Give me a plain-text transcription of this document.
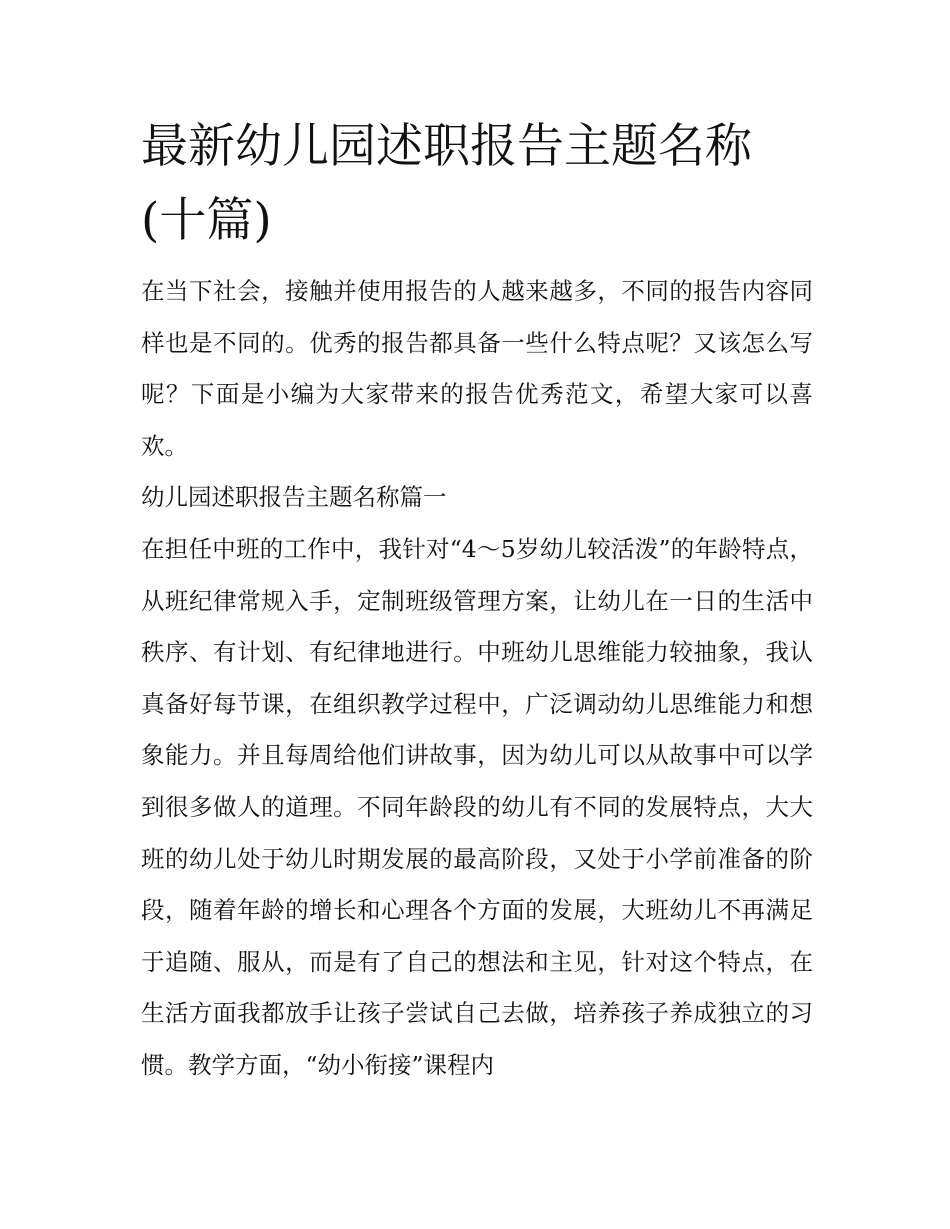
最新幼儿园述职报告主题名称(十篇)

在当下社会，接触并使用报告的人越来越多，不同的报告内容同样也是不同的。优秀的报告都具备一些什么特点呢？又该怎么写呢？下面是小编为大家带来的报告优秀范文，希望大家可以喜欢。

幼儿园述职报告主题名称篇一

在担任中班的工作中，我针对“4～5岁幼儿较活泼”的年龄特点，从班纪律常规入手，定制班级管理方案，让幼儿在一日的生活中秩序、有计划、有纪律地进行。中班幼儿思维能力较抽象，我认真备好每节课，在组织教学过程中，广泛调动幼儿思维能力和想象能力。并且每周给他们讲故事，因为幼儿可以从故事中可以学到很多做人的道理。不同年龄段的幼儿有不同的发展特点，大大班的幼儿处于幼儿时期发展的最高阶段，又处于小学前准备的阶段，随着年龄的增长和心理各个方面的发展，大班幼儿不再满足于追随、服从，而是有了自己的想法和主见，针对这个特点，在生活方面我都放手让孩子尝试自己去做，培养孩子养成独立的习惯。教学方面，“幼小衔接”课程内
